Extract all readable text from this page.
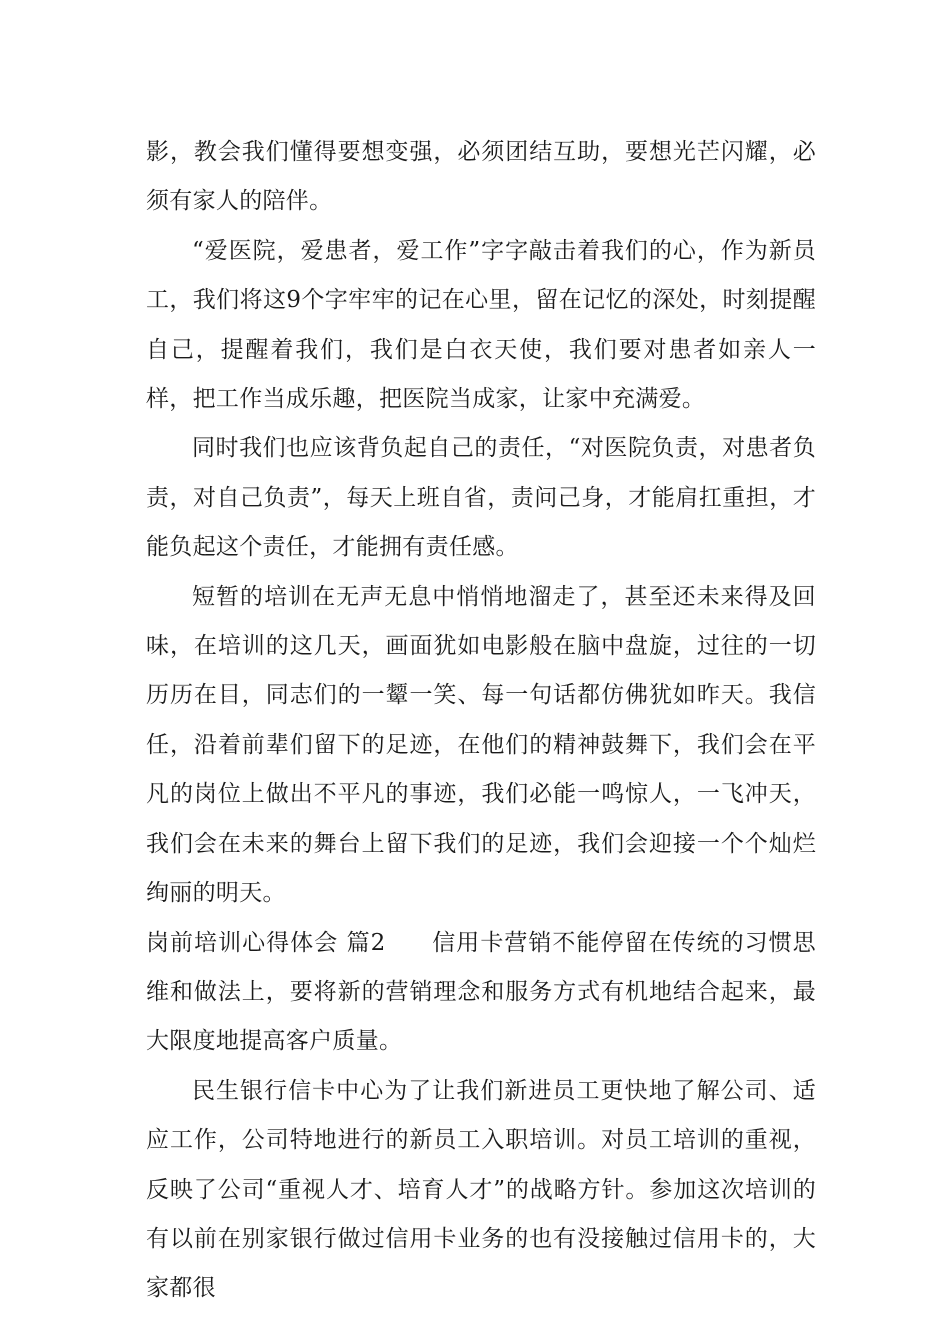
影，教会我们懂得要想变强，必须团结互助，要想光芒闪耀，必须有家人的陪伴。

“爱医院，爱患者，爱工作”字字敲击着我们的心，作为新员工，我们将这9个字牢牢的记在心里，留在记忆的深处，时刻提醒自己，提醒着我们，我们是白衣天使，我们要对患者如亲人一样，把工作当成乐趣，把医院当成家，让家中充满爱。

同时我们也应该背负起自己的责任，“对医院负责，对患者负责，对自己负责”，每天上班自省，责问己身，才能肩扛重担，才能负起这个责任，才能拥有责任感。

短暂的培训在无声无息中悄悄地溜走了，甚至还未来得及回味，在培训的这几天，画面犹如电影般在脑中盘旋，过往的一切历历在目，同志们的一颦一笑、每一句话都仿佛犹如昨天。我信任，沿着前辈们留下的足迹，在他们的精神鼓舞下，我们会在平凡的岗位上做出不平凡的事迹，我们必能一鸣惊人，一飞冲天，我们会在未来的舞台上留下我们的足迹，我们会迎接一个个灿烂绚丽的明天。

岗前培训心得体会 篇2 信用卡营销不能停留在传统的习惯思维和做法上，要将新的营销理念和服务方式有机地结合起来，最大限度地提高客户质量。

民生银行信卡中心为了让我们新进员工更快地了解公司、适应工作，公司特地进行的新员工入职培训。对员工培训的重视，反映了公司“重视人才、培育人才”的战略方针。参加这次培训的有以前在别家银行做过信用卡业务的也有没接触过信用卡的，大家都很
